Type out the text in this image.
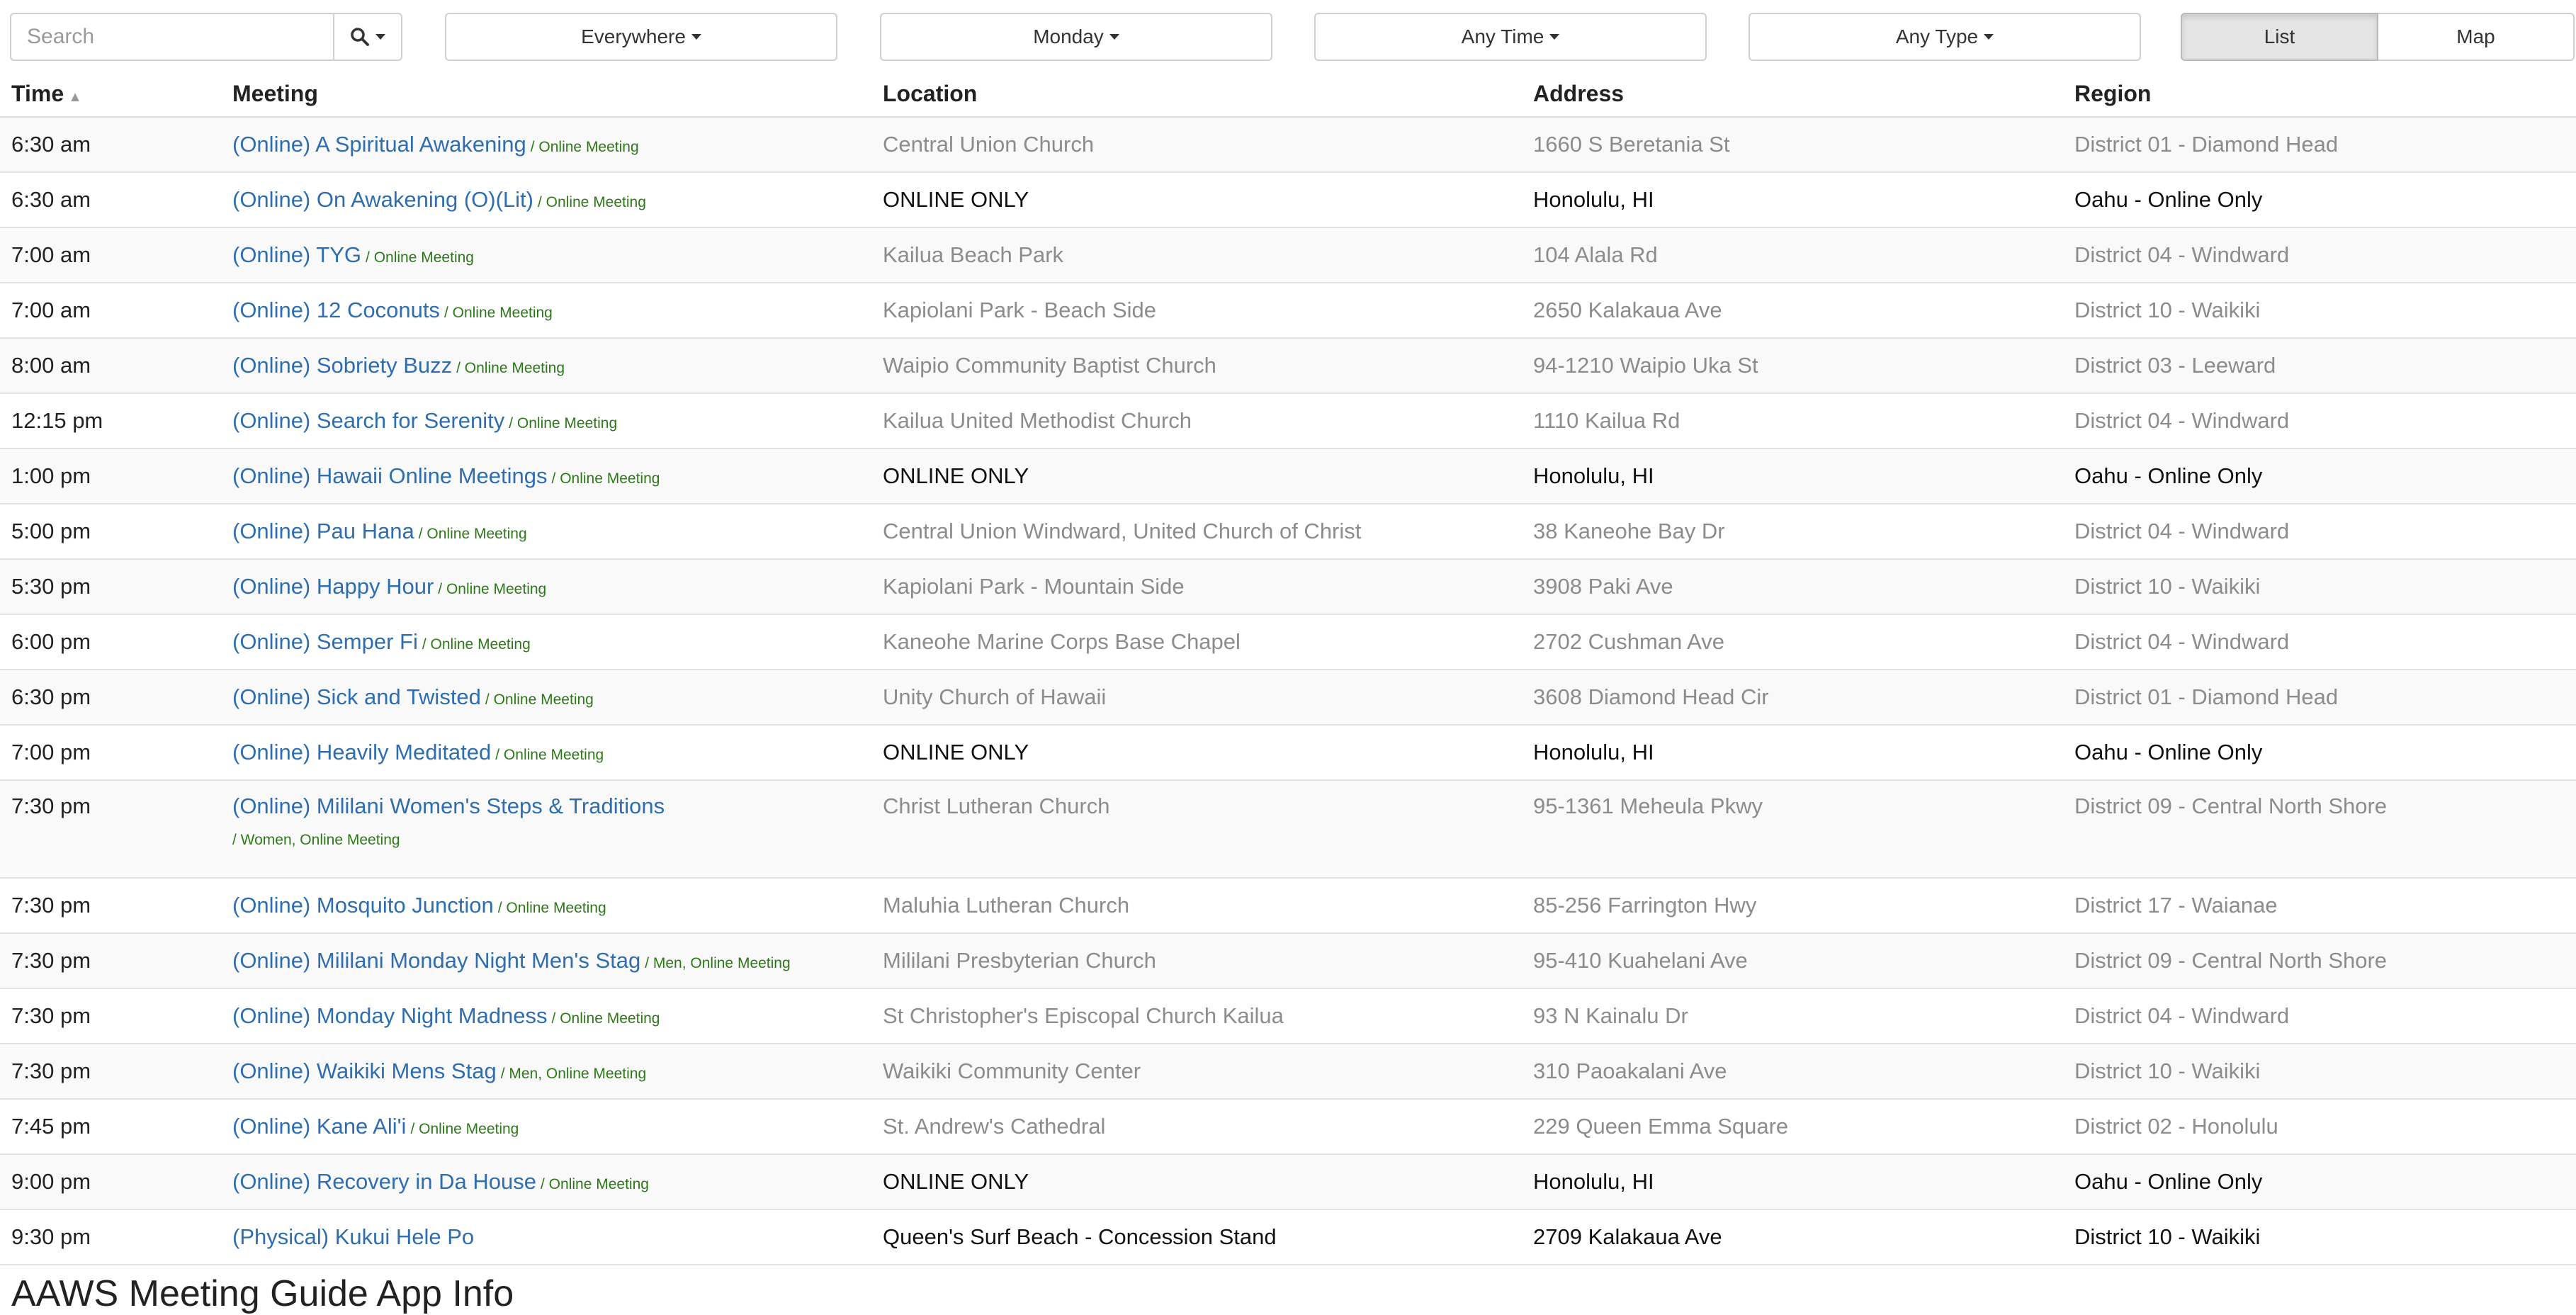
Search
Everywhere	Monday	Any Time	Any Type	List	Map
Time ▲	Meeting	Location	Address	Region
6:30 am	(Online) A Spiritual Awakening / Online Meeting	Central Union Church	1660 S Beretania St	District 01 - Diamond Head
6:30 am	(Online) On Awakening (O)(Lit) / Online Meeting	ONLINE ONLY	Honolulu, HI	Oahu - Online Only
7:00 am	(Online) TYG / Online Meeting	Kailua Beach Park	104 Alala Rd	District 04 - Windward
7:00 am	(Online) 12 Coconuts / Online Meeting	Kapiolani Park - Beach Side	2650 Kalakaua Ave	District 10 - Waikiki
8:00 am	(Online) Sobriety Buzz / Online Meeting	Waipio Community Baptist Church	94-1210 Waipio Uka St	District 03 - Leeward
12:15 pm	(Online) Search for Serenity / Online Meeting	Kailua United Methodist Church	1110 Kailua Rd	District 04 - Windward
1:00 pm	(Online) Hawaii Online Meetings / Online Meeting	ONLINE ONLY	Honolulu, HI	Oahu - Online Only
5:00 pm	(Online) Pau Hana / Online Meeting	Central Union Windward, United Church of Christ	38 Kaneohe Bay Dr	District 04 - Windward
5:30 pm	(Online) Happy Hour / Online Meeting	Kapiolani Park - Mountain Side	3908 Paki Ave	District 10 - Waikiki
6:00 pm	(Online) Semper Fi / Online Meeting	Kaneohe Marine Corps Base Chapel	2702 Cushman Ave	District 04 - Windward
6:30 pm	(Online) Sick and Twisted / Online Meeting	Unity Church of Hawaii	3608 Diamond Head Cir	District 01 - Diamond Head
7:00 pm	(Online) Heavily Meditated / Online Meeting	ONLINE ONLY	Honolulu, HI	Oahu - Online Only
7:30 pm	(Online) Mililani Women's Steps & Traditions
/ Women, Online Meeting	Christ Lutheran Church	95-1361 Meheula Pkwy	District 09 - Central North Shore
7:30 pm	(Online) Mosquito Junction / Online Meeting	Maluhia Lutheran Church	85-256 Farrington Hwy	District 17 - Waianae
7:30 pm	(Online) Mililani Monday Night Men's Stag / Men, Online Meeting	Mililani Presbyterian Church	95-410 Kuahelani Ave	District 09 - Central North Shore
7:30 pm	(Online) Monday Night Madness / Online Meeting	St Christopher's Episcopal Church Kailua	93 N Kainalu Dr	District 04 - Windward
7:30 pm	(Online) Waikiki Mens Stag / Men, Online Meeting	Waikiki Community Center	310 Paoakalani Ave	District 10 - Waikiki
7:45 pm	(Online) Kane Ali'i / Online Meeting	St. Andrew's Cathedral	229 Queen Emma Square	District 02 - Honolulu
9:00 pm	(Online) Recovery in Da House / Online Meeting	ONLINE ONLY	Honolulu, HI	Oahu - Online Only
9:30 pm	(Physical) Kukui Hele Po	Queen's Surf Beach - Concession Stand	2709 Kalakaua Ave	District 10 - Waikiki
AAWS Meeting Guide App Info
